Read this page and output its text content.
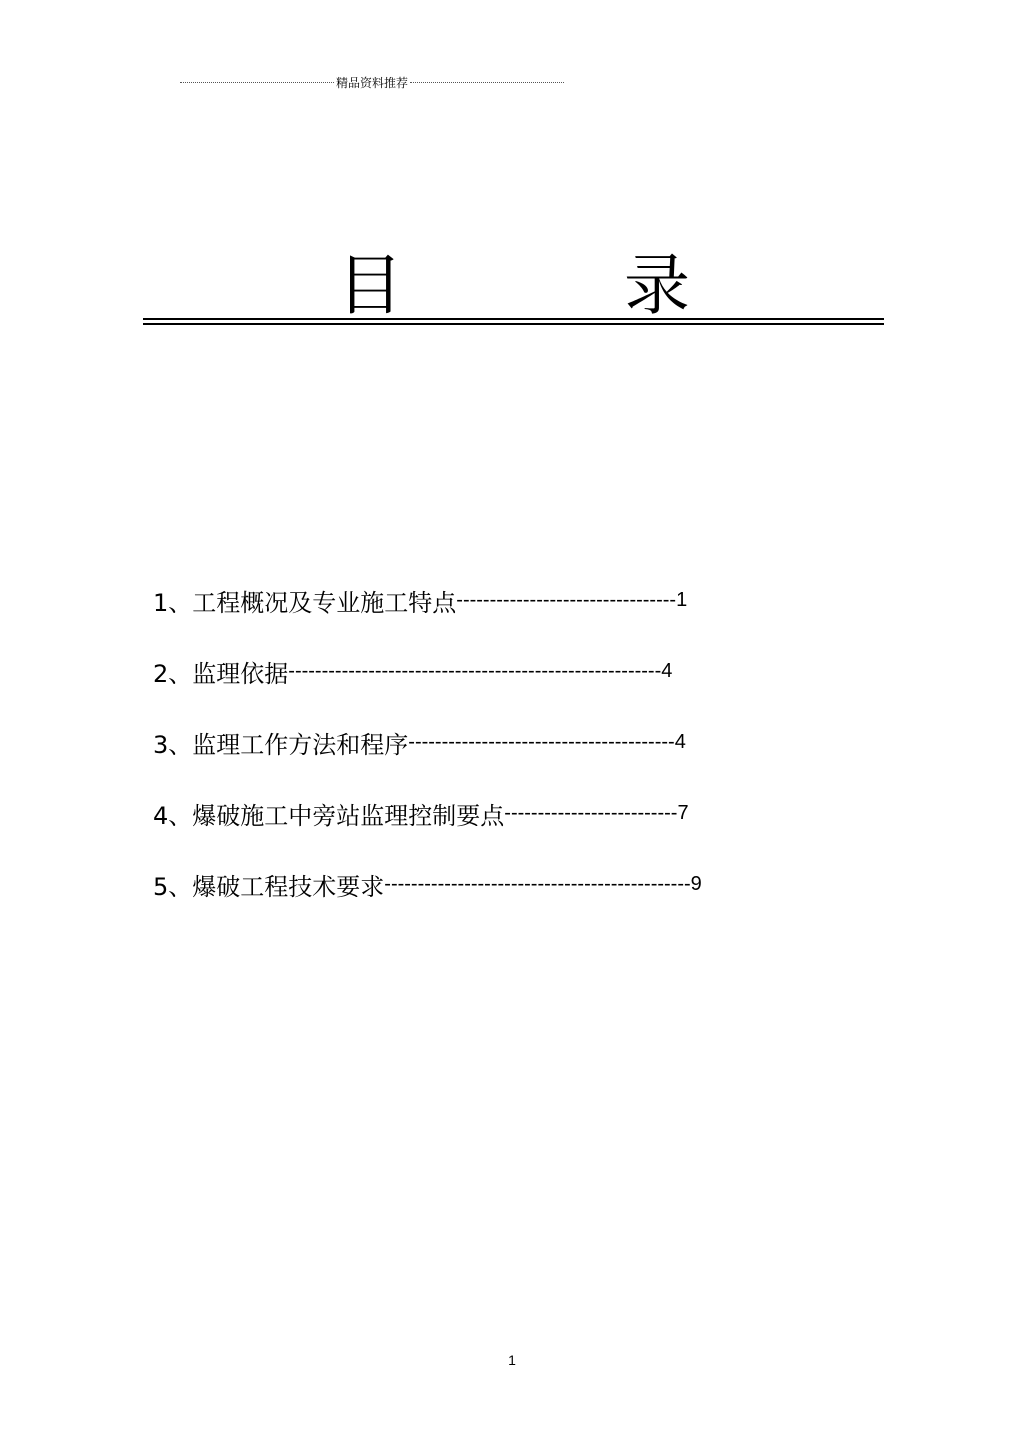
精品资料推荐
目 录
1、工程概况及专业施工特点 --------------------------------- 1
2、监理依据 -------------------------------------------------------- 4
3、监理工作方法和程序 ---------------------------------------- 4
4、爆破施工中旁站监理控制要点 -------------------------- 7
5、爆破工程技术要求 ---------------------------------------------- 9
1
